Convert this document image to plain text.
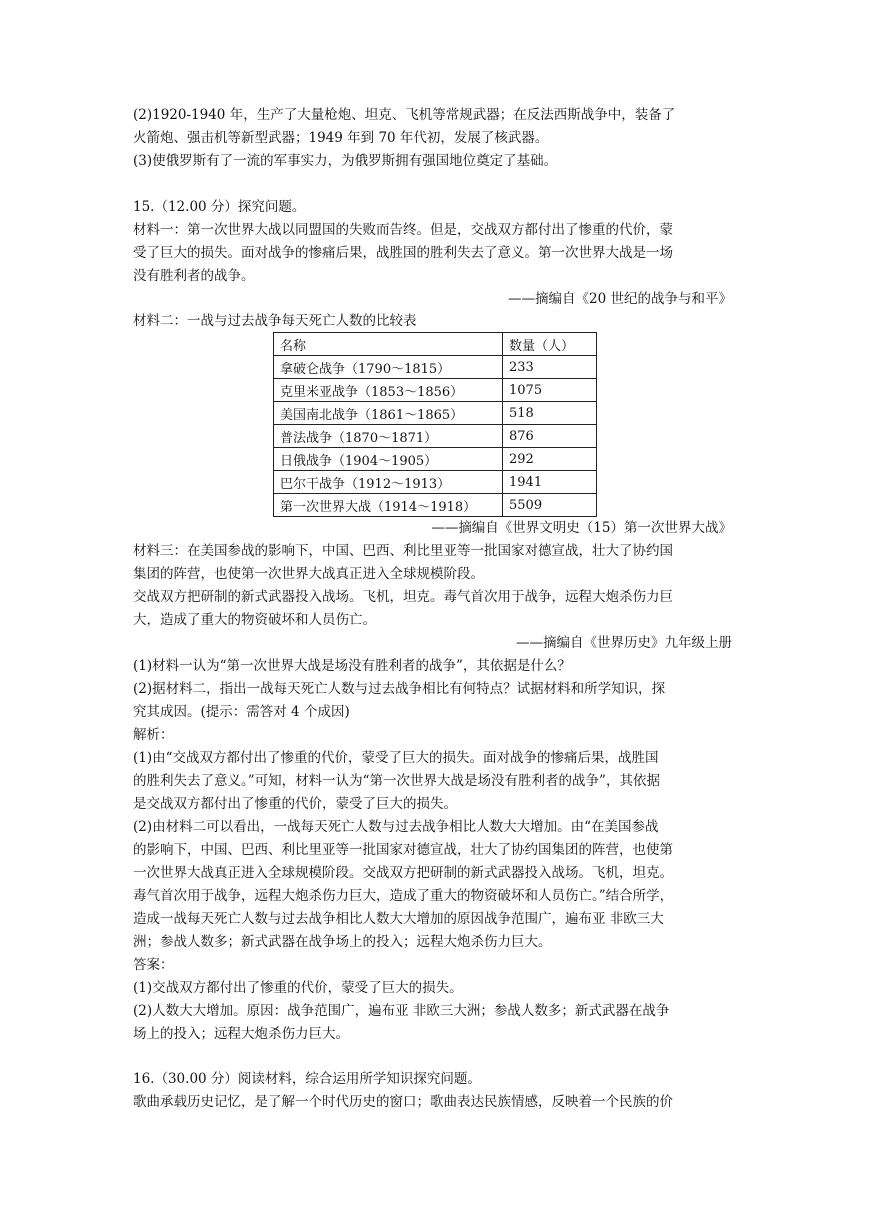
(2)1920-1940 年，生产了大量枪炮、坦克、飞机等常规武器；在反法西斯战争中，装备了
火箭炮、强击机等新型武器；1949 年到 70 年代初，发展了核武器。
(3)使俄罗斯有了一流的军事实力，为俄罗斯拥有强国地位奠定了基础。
15.（12.00 分）探究问题。
材料一：第一次世界大战以同盟国的失败而告终。但是，交战双方都付出了惨重的代价，蒙
受了巨大的损失。面对战争的惨痛后果，战胜国的胜利失去了意义。第一次世界大战是一场
没有胜利者的战争。
——摘编自《20 世纪的战争与和平》
材料二：一战与过去战争每天死亡人数的比较表
名称	数量（人）
拿破仑战争（1790～1815）	233
克里米亚战争（1853～1856）	1075
美国南北战争（1861～1865）	518
普法战争（1870～1871）	876
日俄战争（1904～1905）	292
巴尔干战争（1912～1913）	1941
第一次世界大战（1914～1918）	5509
——摘编自《世界文明史（15）第一次世界大战》
材料三：在美国参战的影响下，中国、巴西、利比里亚等一批国家对德宣战，壮大了协约国
集团的阵营，也使第一次世界大战真正进入全球规模阶段。
交战双方把研制的新式武器投入战场。飞机，坦克。毒气首次用于战争，远程大炮杀伤力巨
大，造成了重大的物资破坏和人员伤亡。
——摘编自《世界历史》九年级上册
(1)材料一认为“第一次世界大战是场没有胜利者的战争”，其依据是什么？
(2)据材料二，指出一战每天死亡人数与过去战争相比有何特点？试据材料和所学知识，探
究其成因。(提示：需答对 4 个成因)
解析：
(1)由“交战双方都付出了惨重的代价，蒙受了巨大的损失。面对战争的惨痛后果，战胜国
的胜利失去了意义。”可知，材料一认为“第一次世界大战是场没有胜利者的战争”，其依据
是交战双方都付出了惨重的代价，蒙受了巨大的损失。
(2)由材料二可以看出，一战每天死亡人数与过去战争相比人数大大增加。由“在美国参战
的影响下，中国、巴西、利比里亚等一批国家对德宣战，壮大了协约国集团的阵营，也使第
一次世界大战真正进入全球规模阶段。交战双方把研制的新式武器投入战场。飞机，坦克。
毒气首次用于战争，远程大炮杀伤力巨大，造成了重大的物资破坏和人员伤亡。”结合所学，
造成一战每天死亡人数与过去战争相比人数大大增加的原因战争范围广，遍布亚 非欧三大
洲；参战人数多；新式武器在战争场上的投入；远程大炮杀伤力巨大。
答案：
(1)交战双方都付出了惨重的代价，蒙受了巨大的损失。
(2)人数大大增加。原因：战争范围广，遍布亚 非欧三大洲；参战人数多；新式武器在战争
场上的投入；远程大炮杀伤力巨大。
16.（30.00 分）阅读材料，综合运用所学知识探究问题。
歌曲承载历史记忆，是了解一个时代历史的窗口；歌曲表达民族情感，反映着一个民族的价
